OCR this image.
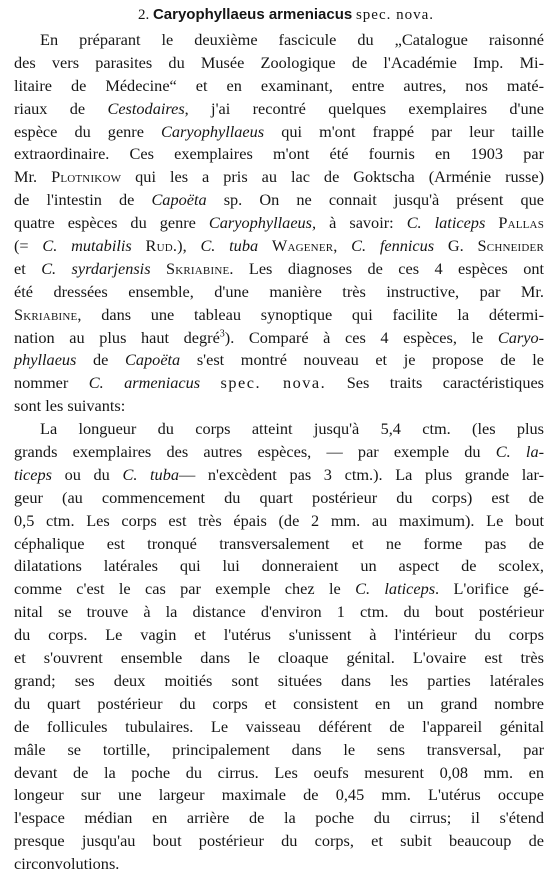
2. Caryophyllaeus armeniacus spec. nova.
En préparant le deuxième fascicule du „Catalogue raisonné
des vers parasites du Musée Zoologique de l'Académie Imp. Mi-
litaire de Médecine“ et en examinant, entre autres, nos maté-
riaux de Cestodaires, j'ai recontré quelques exemplaires d'une
espèce du genre Caryophyllaeus qui m'ont frappé par leur taille
extraordinaire. Ces exemplaires m'ont été fournis en 1903 par
Mr. Plotnikow qui les a pris au lac de Goktscha (Arménie russe)
de l'intestin de Capoëta sp. On ne connait jusqu'à présent que
quatre espèces du genre Caryophyllaeus, à savoir: C. laticeps Pallas
(= C. mutabilis Rud.), C. tuba Wagener, C. fennicus G. Schneider
et C. syrdarjensis Skriabine. Les diagnoses de ces 4 espèces ont
été dressées ensemble, d'une manière très instructive, par Mr.
Skriabine, dans une tableau synoptique qui facilite la détermi-
nation au plus haut degré$^3$). Comparé à ces 4 espèces, le Caryo-
phyllaeus de Capoëta s'est montré nouveau et je propose de le
nommer C. armeniacus spec. nova. Ses traits caractéristiques
sont les suivants:
La longueur du corps atteint jusqu'à 5,4 ctm. (les plus
grands exemplaires des autres espèces, — par exemple du C. la-
ticeps ou du C. tuba— n'excèdent pas 3 ctm.). La plus grande lar-
geur (au commencement du quart postérieur du corps) est de
0,5 ctm. Les corps est très épais (de 2 mm. au maximum). Le bout
céphalique est tronqué transversalement et ne forme pas de
dilatations latérales qui lui donneraient un aspect de scolex,
comme c'est le cas par exemple chez le C. laticeps. L'orifice gé-
nital se trouve à la distance d'environ 1 ctm. du bout postérieur
du corps. Le vagin et l'utérus s'unissent à l'intérieur du corps
et s'ouvrent ensemble dans le cloaque génital. L'ovaire est très
grand; ses deux moitiés sont situées dans les parties latérales
du quart postérieur du corps et consistent en un grand nombre
de follicules tubulaires. Le vaisseau déférent de l'appareil génital
mâle se tortille, principalement dans le sens transversal, par
devant de la poche du cirrus. Les oeufs mesurent 0,08 mm. en
longeur sur une largeur maximale de 0,45 mm. L'utérus occupe
l'espace médian en arrière de la poche du cirrus; il s'étend
presque jusqu'au bout postérieur du corps, et subit beaucoup de
circonvolutions.
